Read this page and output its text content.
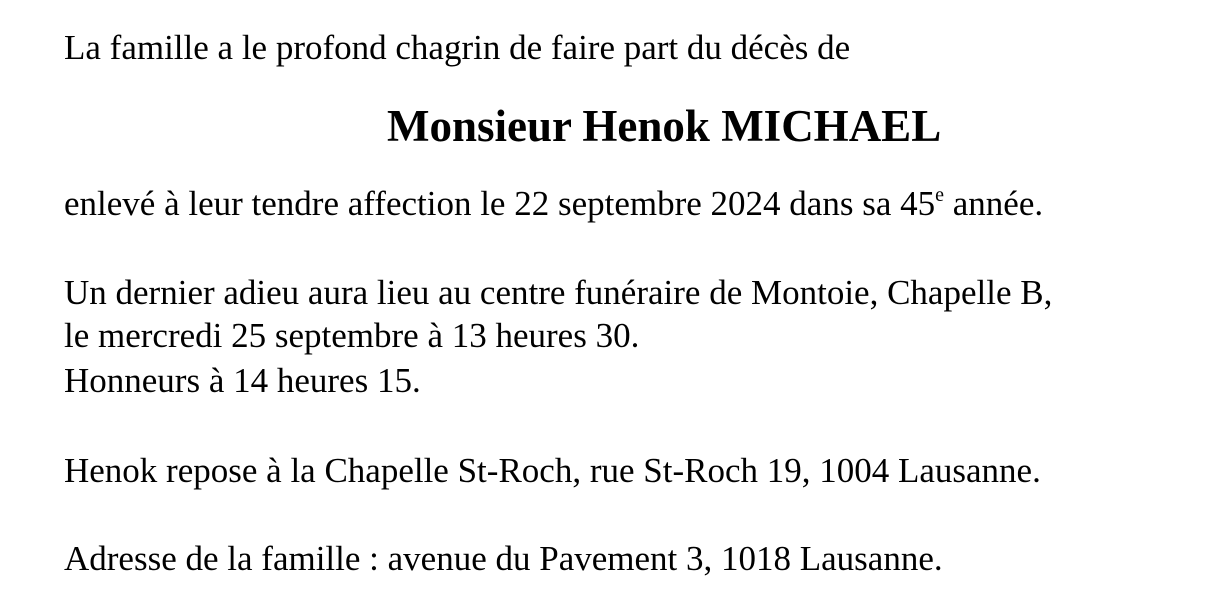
La famille a le profond chagrin de faire part du décès de

Monsieur Henok MICHAEL

enlevé à leur tendre affection le 22 septembre 2024 dans sa 45e année.

Un dernier adieu aura lieu au centre funéraire de Montoie, Chapelle B,

le mercredi 25 septembre à 13 heures 30.

Honneurs à 14 heures 15.

Henok repose à la Chapelle St-Roch, rue St-Roch 19, 1004 Lausanne.

Adresse de la famille : avenue du Pavement 3, 1018 Lausanne.
